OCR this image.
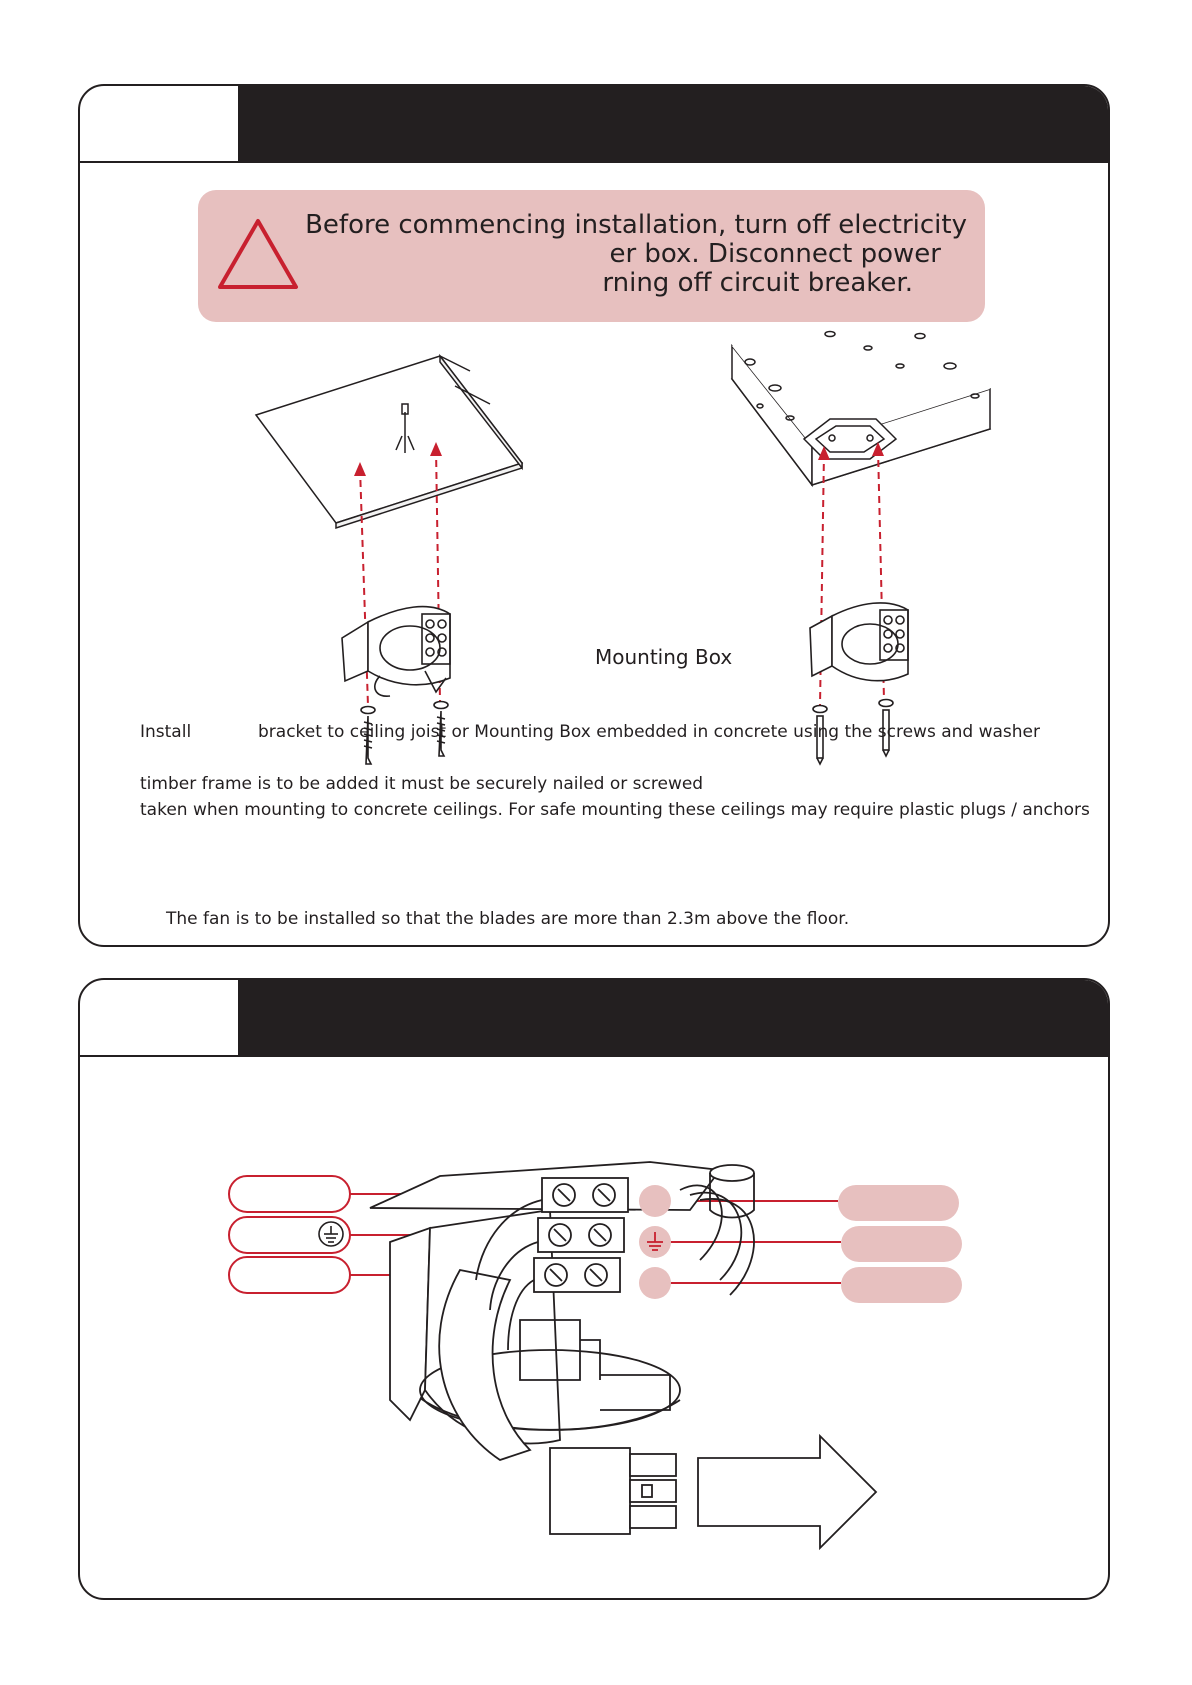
Before commencing installation, turn off electricity

er box. Disconnect power

rning off circuit breaker.

Mounting Box

Install	bracket to ceiling joist or Mounting Box embedded in concrete using the screws and washer

timber frame is to be added it must be securely nailed or screwed

taken when mounting to concrete ceilings. For safe mounting these ceilings may require plastic plugs / anchors

The fan is to be installed so that the blades are more than 2.3m above the floor.
